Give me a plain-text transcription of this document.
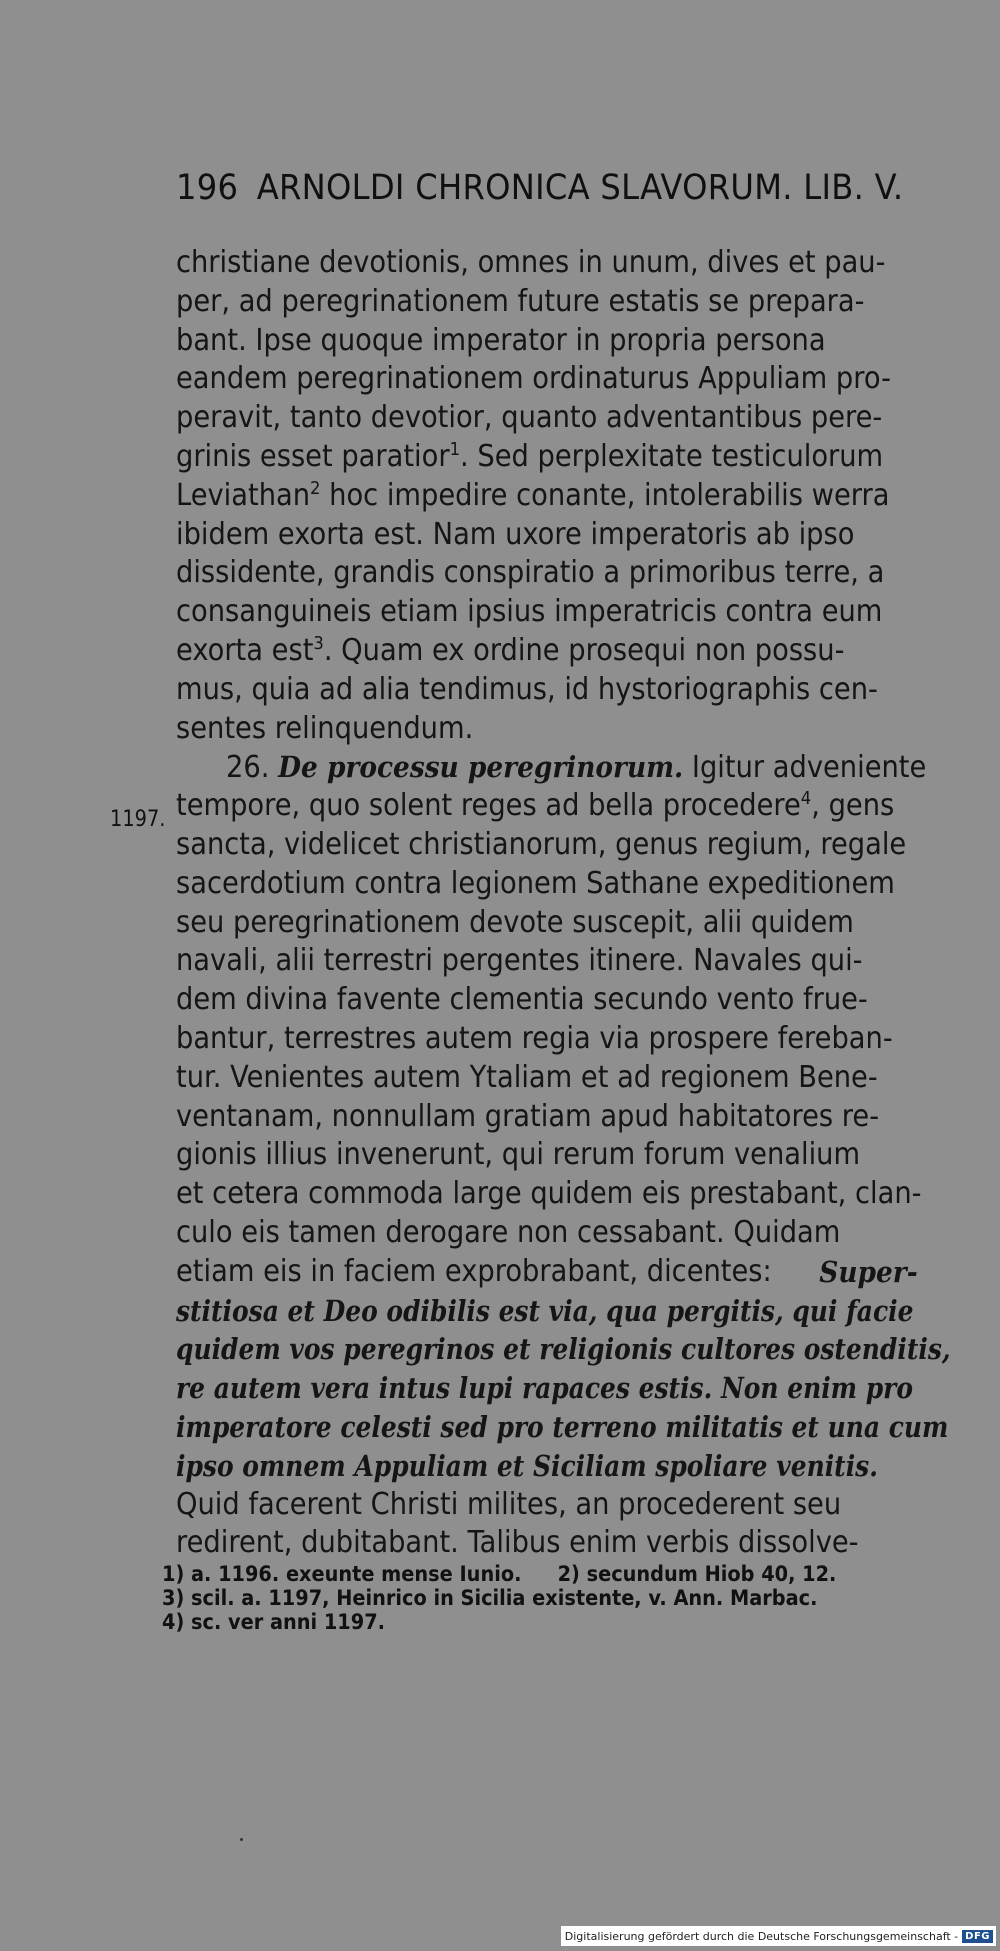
196 ARNOLDI CHRONICA SLAVORUM. LIB. V.
1197.
christiane devotionis, omnes in unum, dives et pau-
per, ad peregrinationem future estatis se prepara-
bant. Ipse quoque imperator in propria persona
eandem peregrinationem ordinaturus Appuliam pro-
peravit, tanto devotior, quanto adventantibus pere-
grinis esset paratior$^1$. Sed perplexitate testiculorum
Leviathan$^2$ hoc impedire conante, intolerabilis werra
ibidem exorta est. Nam uxore imperatoris ab ipso
dissidente, grandis conspiratio a primoribus terre, a
consanguineis etiam ipsius imperatricis contra eum
exorta est$^3$. Quam ex ordine prosequi non possu-
mus, quia ad alia tendimus, id hystoriographis cen-
sentes relinquendum.
26. De processu peregrinorum. Igitur adveniente
tempore, quo solent reges ad bella procedere$^4$, gens
sancta, videlicet christianorum, genus regium, regale
sacerdotium contra legionem Sathane expeditionem
seu peregrinationem devote suscepit, alii quidem
navali, alii terrestri pergentes itinere. Navales qui-
dem divina favente clementia secundo vento frue-
bantur, terrestres autem regia via prospere fereban-
tur. Venientes autem Ytaliam et ad regionem Bene-
ventanam, nonnullam gratiam apud habitatores re-
gionis illius invenerunt, qui rerum forum venalium
et cetera commoda large quidem eis prestabant, clan-
culo eis tamen derogare non cessabant. Quidam
etiam eis in faciem exprobrabant, dicentes: Super-
stitiosa et Deo odibilis est via, qua pergitis, qui facie
quidem vos peregrinos et religionis cultores ostenditis,
re autem vera intus lupi rapaces estis. Non enim pro
imperatore celesti sed pro terreno militatis et una cum
ipso omnem Appuliam et Siciliam spoliare venitis.
Quid facerent Christi milites, an procederent seu
redirent, dubitabant. Talibus enim verbis dissolve-
1) a. 1196. exeunte mense Iunio.	2) secundum Hiob 40, 12.
3) scil. a. 1197, Heinrico in Sicilia existente, v. Ann. Marbac.
4) sc. ver anni 1197.
Digitalisierung gefördert durch die Deutsche Forschungsgemeinschaft - DFG
